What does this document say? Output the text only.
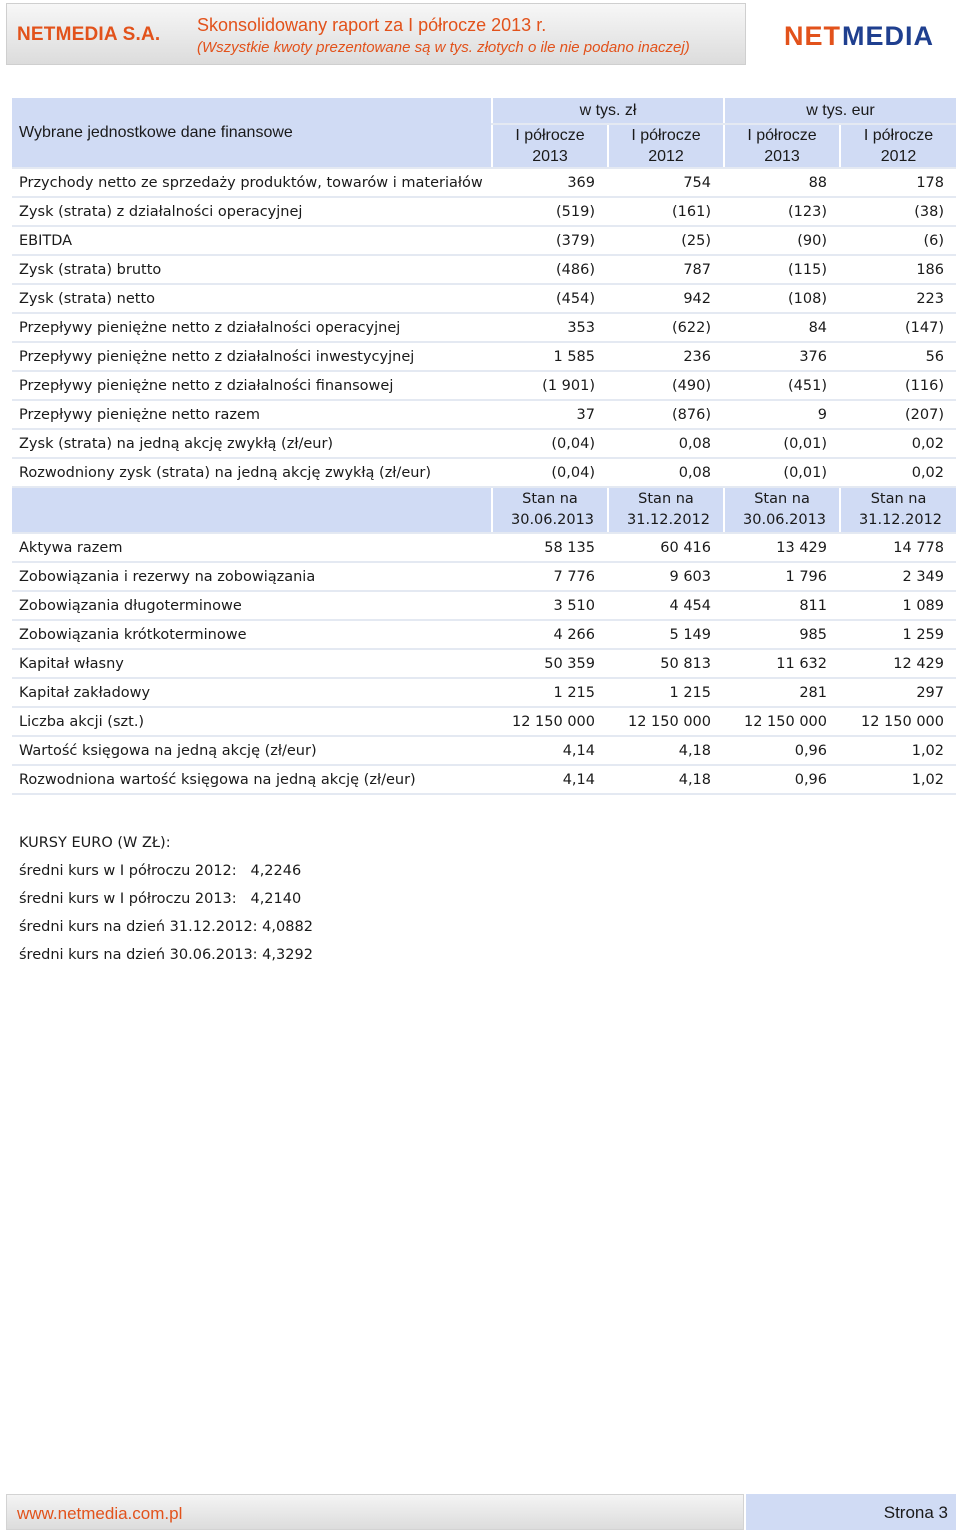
NETMEDIA S.A. Skonsolidowany raport za I półrocze 2013 r.
(Wszystkie kwoty prezentowane są w tys. złotych o ile nie podano inaczej)	NET MEDIA
Wybrane jednostkowe dane finansowe	w tys. zł		w tys. eur	
	I półrocze 2013	I półrocze 2012	I półrocze 2013	I półrocze 2012
Przychody netto ze sprzedaży produktów, towarów i materiałów	369	754	88	178
Zysk (strata) z działalności operacyjnej	(519)	(161)	(123)	(38)
EBITDA	(379)	(25)	(90)	(6)
Zysk (strata) brutto	(486)	787	(115)	186
Zysk (strata) netto	(454)	942	(108)	223
Przepływy pieniężne netto z działalności operacyjnej	353	(622)	84	(147)
Przepływy pieniężne netto z działalności inwestycyjnej	1 585	236	376	56
Przepływy pieniężne netto z działalności finansowej	(1 901)	(490)	(451)	(116)
Przepływy pieniężne netto razem	37	(876)	9	(207)
Zysk (strata) na jedną akcję zwykłą (zł/eur)	(0,04)	0,08	(0,01)	0,02
Rozwodniony zysk (strata) na jedną akcję zwykłą (zł/eur)	(0,04)	0,08	(0,01)	0,02
	Stan na 30.06.2013	Stan na 31.12.2012	Stan na 30.06.2013	Stan na 31.12.2012
Aktywa razem	58 135	60 416	13 429	14 778
Zobowiązania i rezerwy na zobowiązania	7 776	9 603	1 796	2 349
Zobowiązania długoterminowe	3 510	4 454	811	1 089
Zobowiązania krótkoterminowe	4 266	5 149	985	1 259
Kapitał własny	50 359	50 813	11 632	12 429
Kapitał zakładowy	1 215	1 215	281	297
Liczba akcji (szt.)	12 150 000	12 150 000	12 150 000	12 150 000
Wartość księgowa na jedną akcję (zł/eur)	4,14	4,18	0,96	1,02
Rozwodniona wartość księgowa na jedną akcję (zł/eur)	4,14	4,18	0,96	1,02
KURSY EURO (W ZŁ):
średni kurs w I półroczu 2012:   4,2246
średni kurs w I półroczu 2013:   4,2140
średni kurs na dzień 31.12.2012: 4,0882
średni kurs na dzień 30.06.2013: 4,3292
www.netmedia.com.pl	Strona 3
